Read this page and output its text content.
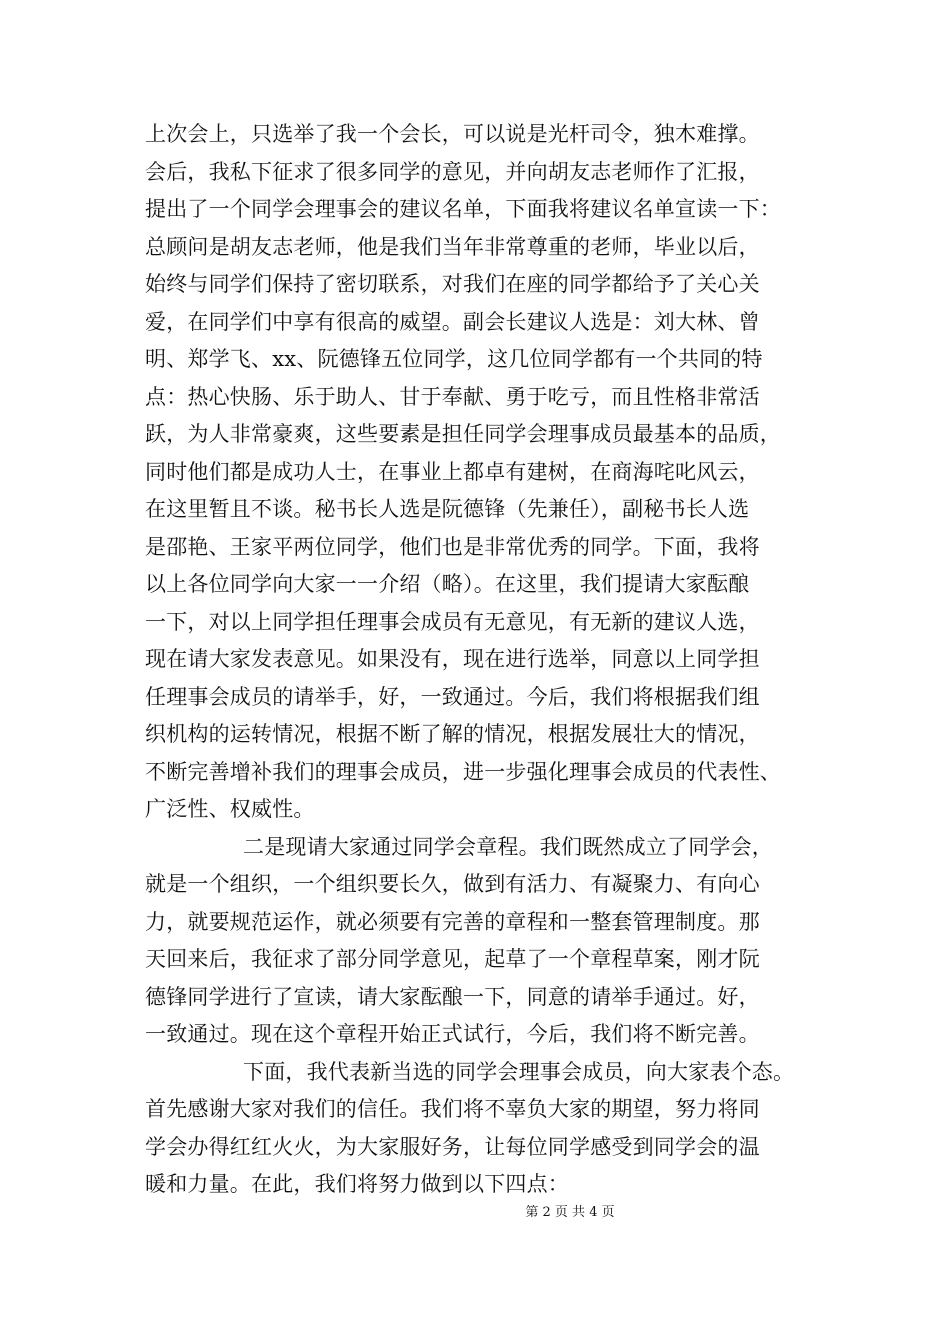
上次会上，只选举了我一个会长，可以说是光杆司令，独木难撑。
会后，我私下征求了很多同学的意见，并向胡友志老师作了汇报，
提出了一个同学会理事会的建议名单，下面我将建议名单宣读一下：
总顾问是胡友志老师，他是我们当年非常尊重的老师，毕业以后，
始终与同学们保持了密切联系，对我们在座的同学都给予了关心关
爱，在同学们中享有很高的威望。副会长建议人选是：刘大林、曾
明、郑学飞、xx、阮德锋五位同学，这几位同学都有一个共同的特
点：热心快肠、乐于助人、甘于奉献、勇于吃亏，而且性格非常活
跃，为人非常豪爽，这些要素是担任同学会理事成员最基本的品质，
同时他们都是成功人士，在事业上都卓有建树，在商海咤叱风云，
在这里暂且不谈。秘书长人选是阮德锋（先兼任），副秘书长人选
是邵艳、王家平两位同学，他们也是非常优秀的同学。下面，我将
以上各位同学向大家一一介绍（略）。在这里，我们提请大家酝酿
一下，对以上同学担任理事会成员有无意见，有无新的建议人选，
现在请大家发表意见。如果没有，现在进行选举，同意以上同学担
任理事会成员的请举手，好，一致通过。今后，我们将根据我们组
织机构的运转情况，根据不断了解的情况，根据发展壮大的情况，
不断完善增补我们的理事会成员，进一步强化理事会成员的代表性、
广泛性、权威性。
二是现请大家通过同学会章程。我们既然成立了同学会，
就是一个组织，一个组织要长久，做到有活力、有凝聚力、有向心
力，就要规范运作，就必须要有完善的章程和一整套管理制度。那
天回来后，我征求了部分同学意见，起草了一个章程草案，刚才阮
德锋同学进行了宣读，请大家酝酿一下，同意的请举手通过。好，
一致通过。现在这个章程开始正式试行，今后，我们将不断完善。
下面，我代表新当选的同学会理事会成员，向大家表个态。
首先感谢大家对我们的信任。我们将不辜负大家的期望，努力将同
学会办得红红火火，为大家服好务，让每位同学感受到同学会的温
暖和力量。在此，我们将努力做到以下四点：
第 2 页 共 4 页
